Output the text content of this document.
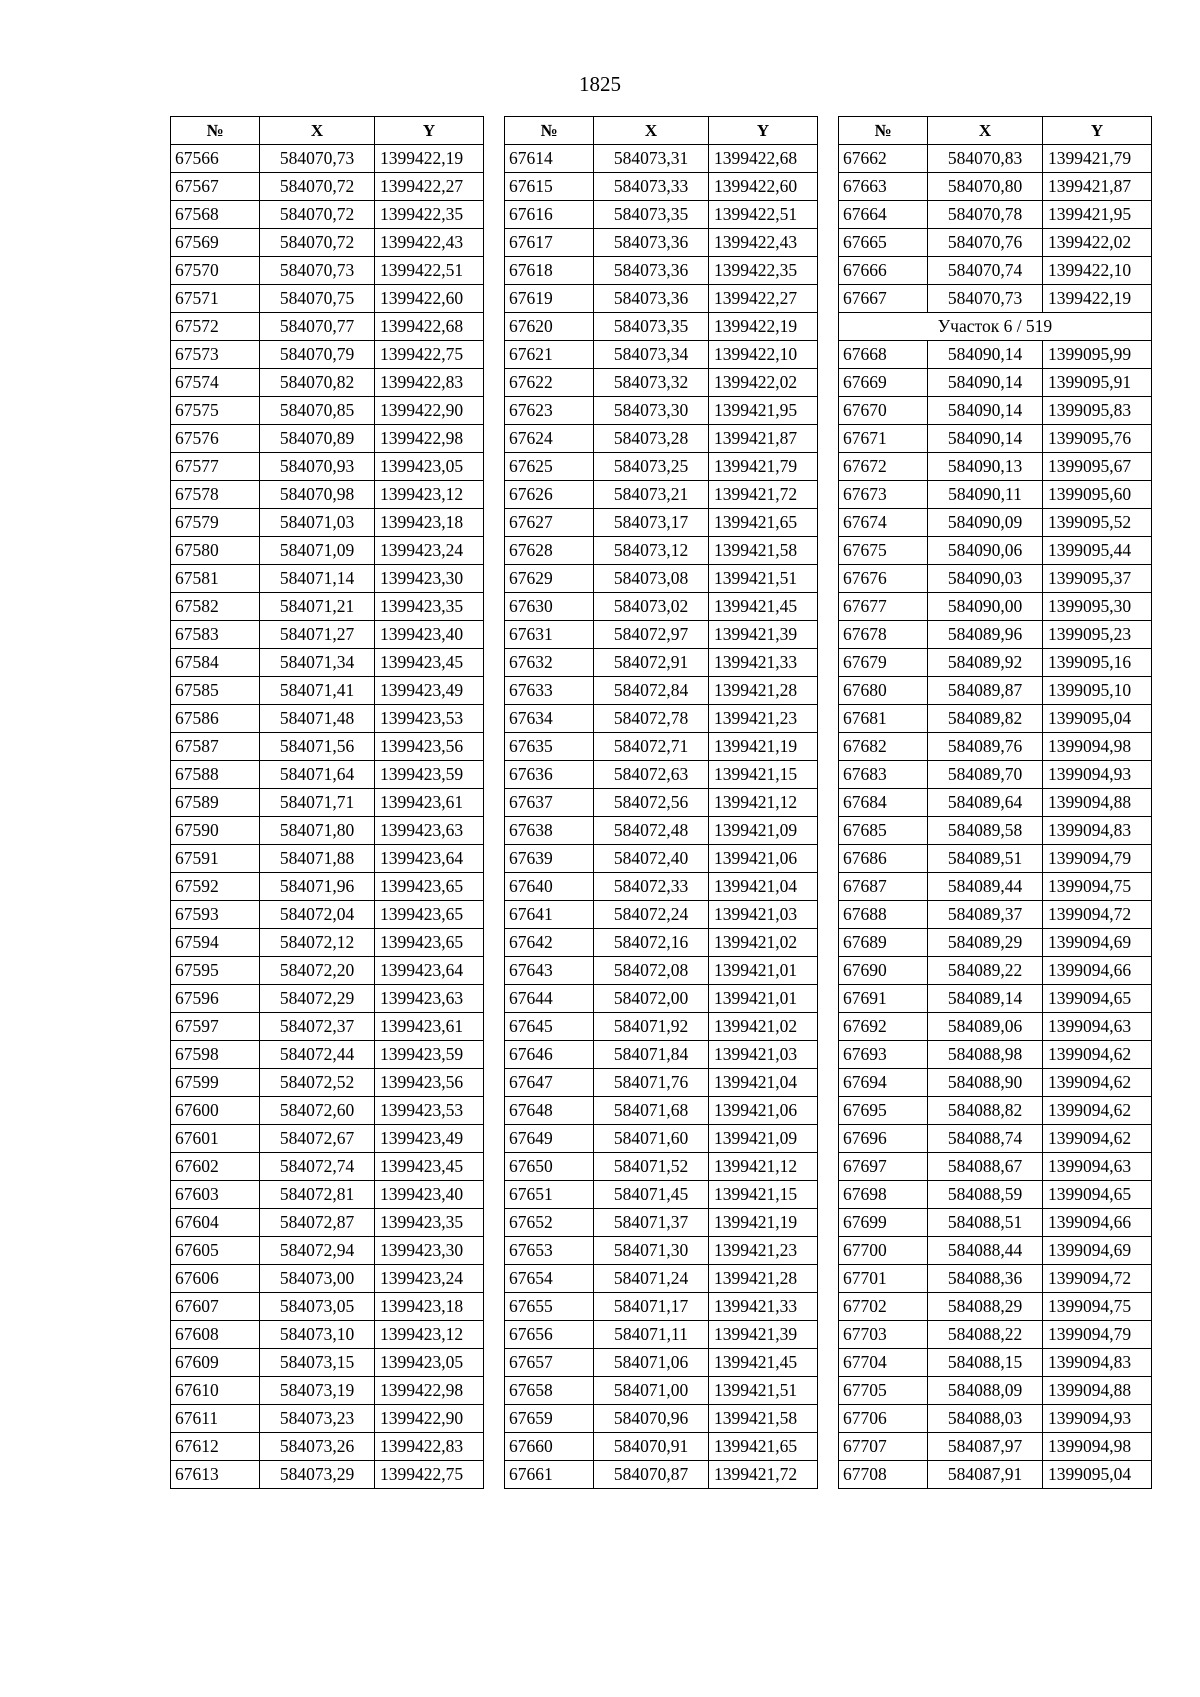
1825
№	X	Y
67566	584070,73	1399422,19
67567	584070,72	1399422,27
67568	584070,72	1399422,35
67569	584070,72	1399422,43
67570	584070,73	1399422,51
67571	584070,75	1399422,60
67572	584070,77	1399422,68
67573	584070,79	1399422,75
67574	584070,82	1399422,83
67575	584070,85	1399422,90
67576	584070,89	1399422,98
67577	584070,93	1399423,05
67578	584070,98	1399423,12
67579	584071,03	1399423,18
67580	584071,09	1399423,24
67581	584071,14	1399423,30
67582	584071,21	1399423,35
67583	584071,27	1399423,40
67584	584071,34	1399423,45
67585	584071,41	1399423,49
67586	584071,48	1399423,53
67587	584071,56	1399423,56
67588	584071,64	1399423,59
67589	584071,71	1399423,61
67590	584071,80	1399423,63
67591	584071,88	1399423,64
67592	584071,96	1399423,65
67593	584072,04	1399423,65
67594	584072,12	1399423,65
67595	584072,20	1399423,64
67596	584072,29	1399423,63
67597	584072,37	1399423,61
67598	584072,44	1399423,59
67599	584072,52	1399423,56
67600	584072,60	1399423,53
67601	584072,67	1399423,49
67602	584072,74	1399423,45
67603	584072,81	1399423,40
67604	584072,87	1399423,35
67605	584072,94	1399423,30
67606	584073,00	1399423,24
67607	584073,05	1399423,18
67608	584073,10	1399423,12
67609	584073,15	1399423,05
67610	584073,19	1399422,98
67611	584073,23	1399422,90
67612	584073,26	1399422,83
67613	584073,29	1399422,75
№	X	Y
67614	584073,31	1399422,68
67615	584073,33	1399422,60
67616	584073,35	1399422,51
67617	584073,36	1399422,43
67618	584073,36	1399422,35
67619	584073,36	1399422,27
67620	584073,35	1399422,19
67621	584073,34	1399422,10
67622	584073,32	1399422,02
67623	584073,30	1399421,95
67624	584073,28	1399421,87
67625	584073,25	1399421,79
67626	584073,21	1399421,72
67627	584073,17	1399421,65
67628	584073,12	1399421,58
67629	584073,08	1399421,51
67630	584073,02	1399421,45
67631	584072,97	1399421,39
67632	584072,91	1399421,33
67633	584072,84	1399421,28
67634	584072,78	1399421,23
67635	584072,71	1399421,19
67636	584072,63	1399421,15
67637	584072,56	1399421,12
67638	584072,48	1399421,09
67639	584072,40	1399421,06
67640	584072,33	1399421,04
67641	584072,24	1399421,03
67642	584072,16	1399421,02
67643	584072,08	1399421,01
67644	584072,00	1399421,01
67645	584071,92	1399421,02
67646	584071,84	1399421,03
67647	584071,76	1399421,04
67648	584071,68	1399421,06
67649	584071,60	1399421,09
67650	584071,52	1399421,12
67651	584071,45	1399421,15
67652	584071,37	1399421,19
67653	584071,30	1399421,23
67654	584071,24	1399421,28
67655	584071,17	1399421,33
67656	584071,11	1399421,39
67657	584071,06	1399421,45
67658	584071,00	1399421,51
67659	584070,96	1399421,58
67660	584070,91	1399421,65
67661	584070,87	1399421,72
№	X	Y
67662	584070,83	1399421,79
67663	584070,80	1399421,87
67664	584070,78	1399421,95
67665	584070,76	1399422,02
67666	584070,74	1399422,10
67667	584070,73	1399422,19
Участок 6 / 519		
67668	584090,14	1399095,99
67669	584090,14	1399095,91
67670	584090,14	1399095,83
67671	584090,14	1399095,76
67672	584090,13	1399095,67
67673	584090,11	1399095,60
67674	584090,09	1399095,52
67675	584090,06	1399095,44
67676	584090,03	1399095,37
67677	584090,00	1399095,30
67678	584089,96	1399095,23
67679	584089,92	1399095,16
67680	584089,87	1399095,10
67681	584089,82	1399095,04
67682	584089,76	1399094,98
67683	584089,70	1399094,93
67684	584089,64	1399094,88
67685	584089,58	1399094,83
67686	584089,51	1399094,79
67687	584089,44	1399094,75
67688	584089,37	1399094,72
67689	584089,29	1399094,69
67690	584089,22	1399094,66
67691	584089,14	1399094,65
67692	584089,06	1399094,63
67693	584088,98	1399094,62
67694	584088,90	1399094,62
67695	584088,82	1399094,62
67696	584088,74	1399094,62
67697	584088,67	1399094,63
67698	584088,59	1399094,65
67699	584088,51	1399094,66
67700	584088,44	1399094,69
67701	584088,36	1399094,72
67702	584088,29	1399094,75
67703	584088,22	1399094,79
67704	584088,15	1399094,83
67705	584088,09	1399094,88
67706	584088,03	1399094,93
67707	584087,97	1399094,98
67708	584087,91	1399095,04
